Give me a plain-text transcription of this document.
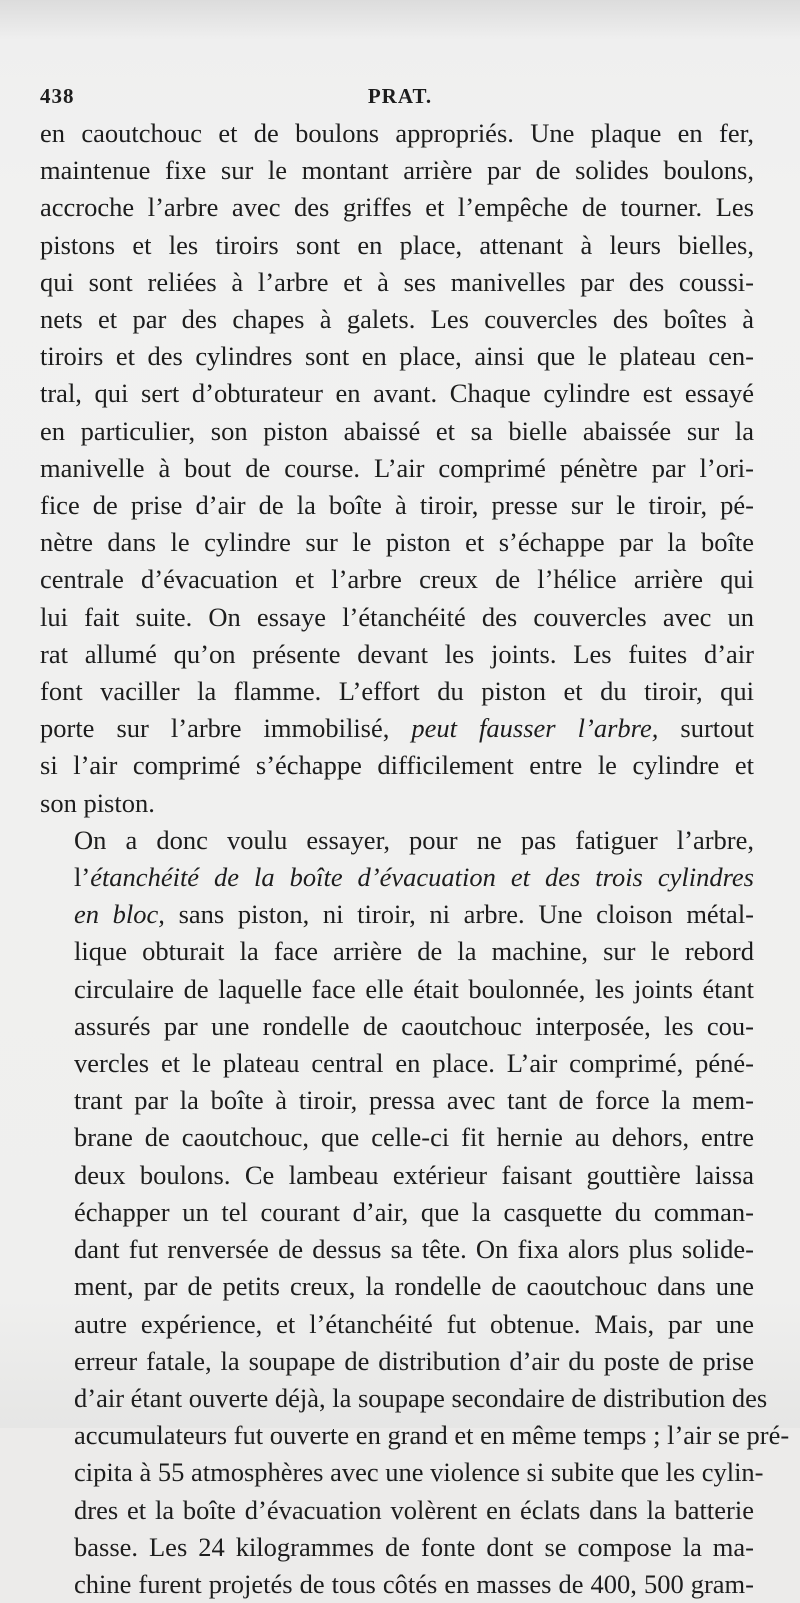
438	PRAT.

en caoutchouc et de boulons appropriés. Une plaque en fer,
maintenue fixe sur le montant arrière par de solides boulons,
accroche l’arbre avec des griffes et l’empêche de tourner. Les
pistons et les tiroirs sont en place, attenant à leurs bielles,
qui sont reliées à l’arbre et à ses manivelles par des coussi-
nets et par des chapes à galets. Les couvercles des boîtes à
tiroirs et des cylindres sont en place, ainsi que le plateau cen-
tral, qui sert d’obturateur en avant. Chaque cylindre est essayé
en particulier, son piston abaissé et sa bielle abaissée sur la
manivelle à bout de course. L’air comprimé pénètre par l’ori-
fice de prise d’air de la boîte à tiroir, presse sur le tiroir, pé-
nètre dans le cylindre sur le piston et s’échappe par la boîte
centrale d’évacuation et l’arbre creux de l’hélice arrière qui
lui fait suite. On essaye l’étanchéité des couvercles avec un
rat allumé qu’on présente devant les joints. Les fuites d’air
font vaciller la flamme. L’effort du piston et du tiroir, qui
porte sur l’arbre immobilisé, peut fausser l’arbre, surtout
si l’air comprimé s’échappe difficilement entre le cylindre et
son piston.

On a donc voulu essayer, pour ne pas fatiguer l’arbre,
l’étanchéité de la boîte d’évacuation et des trois cylindres
en bloc, sans piston, ni tiroir, ni arbre. Une cloison métal-
lique obturait la face arrière de la machine, sur le rebord
circulaire de laquelle face elle était boulonnée, les joints étant
assurés par une rondelle de caoutchouc interposée, les cou-
vercles et le plateau central en place. L’air comprimé, péné-
trant par la boîte à tiroir, pressa avec tant de force la mem-
brane de caoutchouc, que celle-ci fit hernie au dehors, entre
deux boulons. Ce lambeau extérieur faisant gouttière laissa
échapper un tel courant d’air, que la casquette du comman-
dant fut renversée de dessus sa tête. On fixa alors plus solide-
ment, par de petits creux, la rondelle de caoutchouc dans une
autre expérience, et l’étanchéité fut obtenue. Mais, par une
erreur fatale, la soupape de distribution d’air du poste de prise
d’air étant ouverte déjà, la soupape secondaire de distribution des
accumulateurs fut ouverte en grand et en même temps ; l’air se pré-
cipita à 55 atmosphères avec une violence si subite que les cylin-
dres et la boîte d’évacuation volèrent en éclats dans la batterie
basse. Les 24 kilogrammes de fonte dont se compose la ma-
chine furent projetés de tous côtés en masses de 400, 500 gram-
